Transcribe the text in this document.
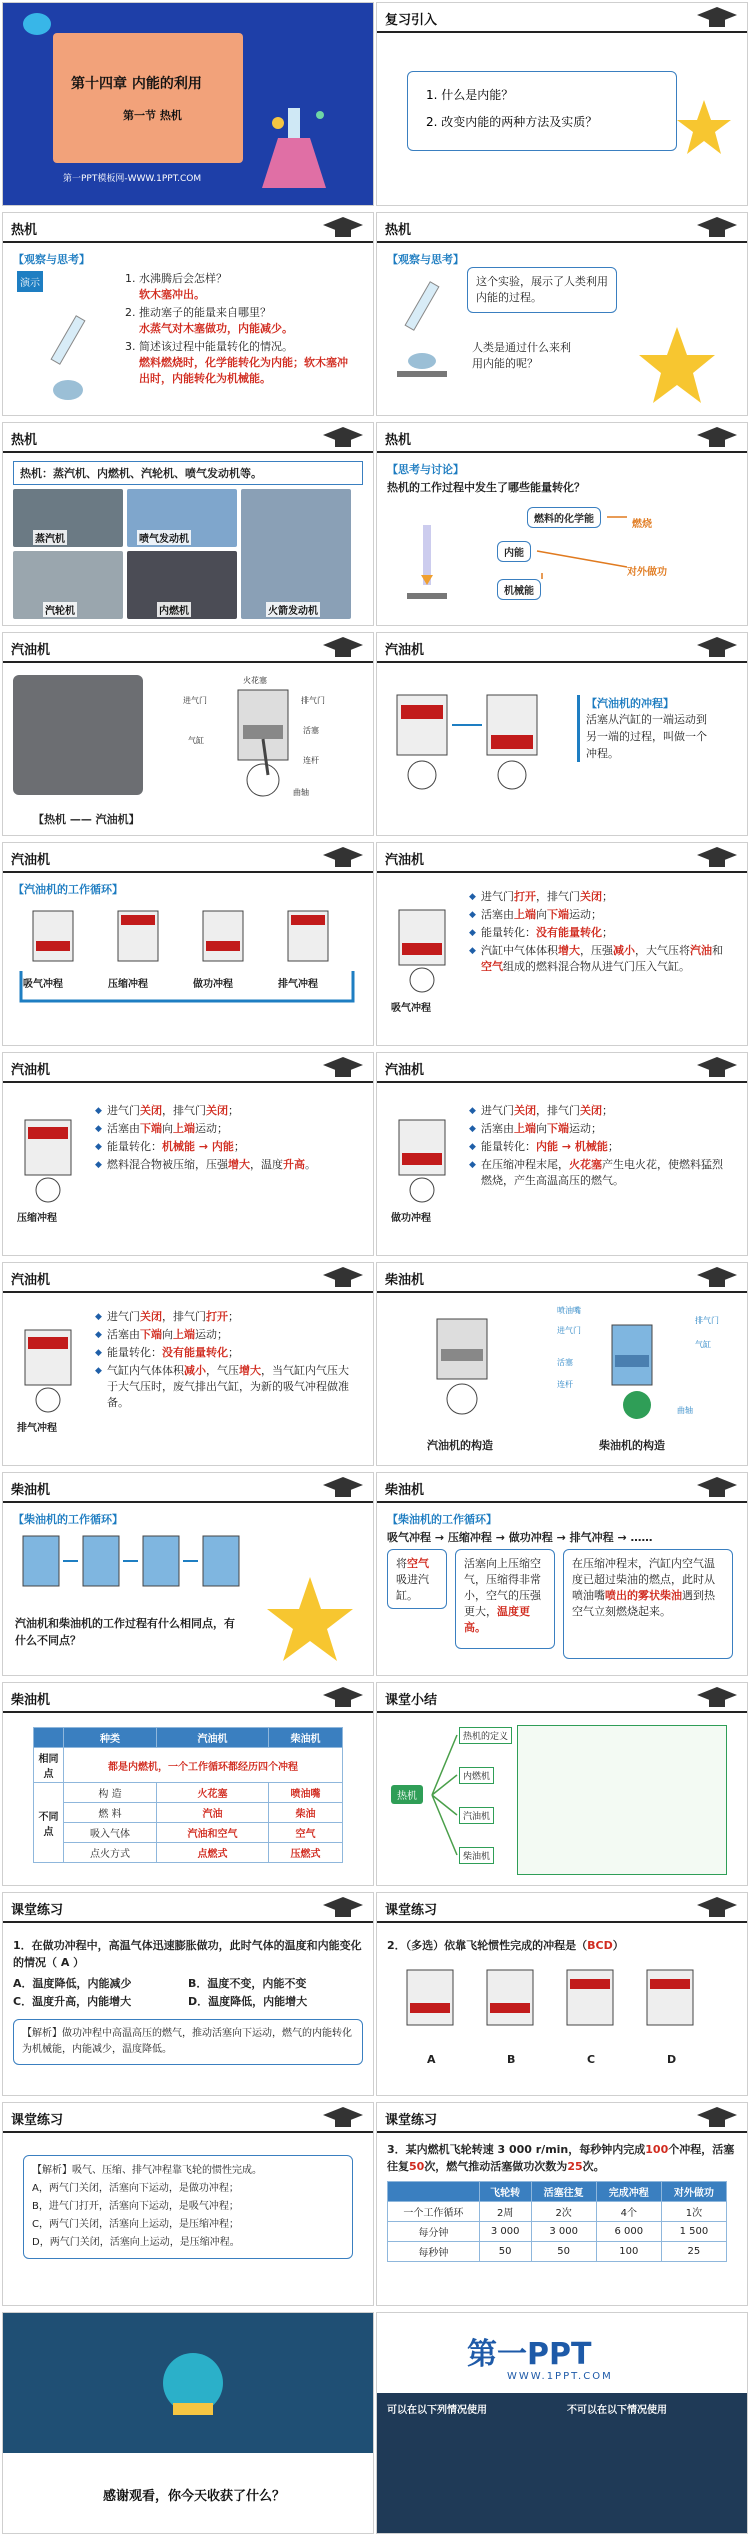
第十四章 内能的利用
第一节 热机
第一PPT模板网-WWW.1PPT.COM
复习引入
1. 什么是内能？
2. 改变内能的两种方法及实质？
热机
【观察与思考】
演示	1. 水沸腾后会怎样？
软木塞冲出。
2. 推动塞子的能量来自哪里？
水蒸气对木塞做功，内能减少。
3. 简述该过程中能量转化的情况。
燃料燃烧时，化学能转化为内能；软木塞冲出时，内能转化为机械能。
热机
【观察与思考】
这个实验，展示了人类利用内能的过程。
人类是通过什么来利用内能的呢？
热机
热机：蒸汽机、内燃机、汽轮机、喷气发动机等。
蒸汽机	喷气发动机
火箭发动机
汽轮机	内燃机
热机
【思考与讨论】
热机的工作过程中发生了哪些能量转化？
燃料的化学能
内能
机械能
燃烧
对外做功
汽油机
进气门
火花塞
排气门
活塞
连杆
曲轴
气缸
【热机 —— 汽油机】
汽油机
【汽油机的冲程】
活塞从汽缸的一端运动到另一端的过程，叫做一个冲程。
汽油机
【汽油机的工作循环】
吸气冲程	压缩冲程	做功冲程	排气冲程
汽油机
吸气冲程
◆ 进气门打开，排气门关闭；
◆ 活塞由上端向下端运动；
◆ 能量转化：没有能量转化；
◆ 汽缸中气体体积增大，压强减小，大气压将汽油和空气组成的燃料混合物从进气门压入气缸。
汽油机
压缩冲程
◆ 进气门关闭，排气门关闭；
◆ 活塞由下端向上端运动；
◆ 能量转化：机械能 → 内能；
◆ 燃料混合物被压缩，压强增大，温度升高。
汽油机
做功冲程
◆ 进气门关闭，排气门关闭；
◆ 活塞由上端向下端运动；
◆ 能量转化：内能 → 机械能；
◆ 在压缩冲程末尾，火花塞产生电火花，使燃料猛烈燃烧，产生高温高压的燃气。
汽油机
排气冲程
◆ 进气门关闭，排气门打开；
◆ 活塞由下端向上端运动；
◆ 能量转化：没有能量转化；
◆ 气缸内气体体积减小，气压增大，当气缸内气压大于大气压时，废气排出气缸，为新的吸气冲程做准备。
柴油机
喷油嘴
进气门
排气门
气缸
活塞
连杆
曲轴
汽油机的构造	柴油机的构造
柴油机
【柴油机的工作循环】
汽油机和柴油机的工作过程有什么相同点，有什么不同点？
柴油机
【柴油机的工作循环】
吸气冲程 → 压缩冲程 → 做功冲程 → 排气冲程 → ……
将空气吸进汽缸。
活塞向上压缩空气，压缩得非常小，空气的压强更大，温度更高。
在压缩冲程末，汽缸内空气温度已超过柴油的燃点，此时从喷油嘴喷出的雾状柴油遇到热空气立刻燃烧起来。
柴油机
	种类	汽油机	柴油机
相同点	都是内燃机，一个工作循环都经历四个冲程		
不同点	构 造	火花塞	喷油嘴
	燃 料	汽油	柴油
	吸入气体	汽油和空气	空气
	点火方式	点燃式	压燃式
课堂小结
热机
热机的定义
内燃机
汽油机
柴油机
课堂练习
1．在做功冲程中，高温气体迅速膨胀做功，此时气体的温度和内能变化的情况（ A ）
A．温度降低，内能减少	B．温度不变，内能不变
C．温度升高，内能增大	D．温度降低，内能增大
【解析】做功冲程中高温高压的燃气，推动活塞向下运动，燃气的内能转化为机械能，内能减少，温度降低。
课堂练习
2．（多选）依靠飞轮惯性完成的冲程是（BCD）
A	B	C	D
课堂练习
【解析】吸气、压缩、排气冲程靠飞轮的惯性完成。
A，两气门关闭，活塞向下运动，是做功冲程；
B，进气门打开，活塞向下运动，是吸气冲程；
C，两气门关闭，活塞向上运动，是压缩冲程；
D，两气门关闭，活塞向上运动，是压缩冲程。
课堂练习
3．某内燃机飞轮转速 3 000 r/min，每秒钟内完成100个冲程，活塞往复50次，燃气推动活塞做功次数为25次。
	飞轮转	活塞往复	完成冲程	对外做功
一个工作循环	2周	2次	4个	1次
每分钟	3 000	3 000	6 000	1 500
每秒钟	50	50	100	25
感谢观看，你今天收获了什么？
第一PPT
WWW.1PPT.COM
可以在以下列情况使用	不可以在以下情况使用
